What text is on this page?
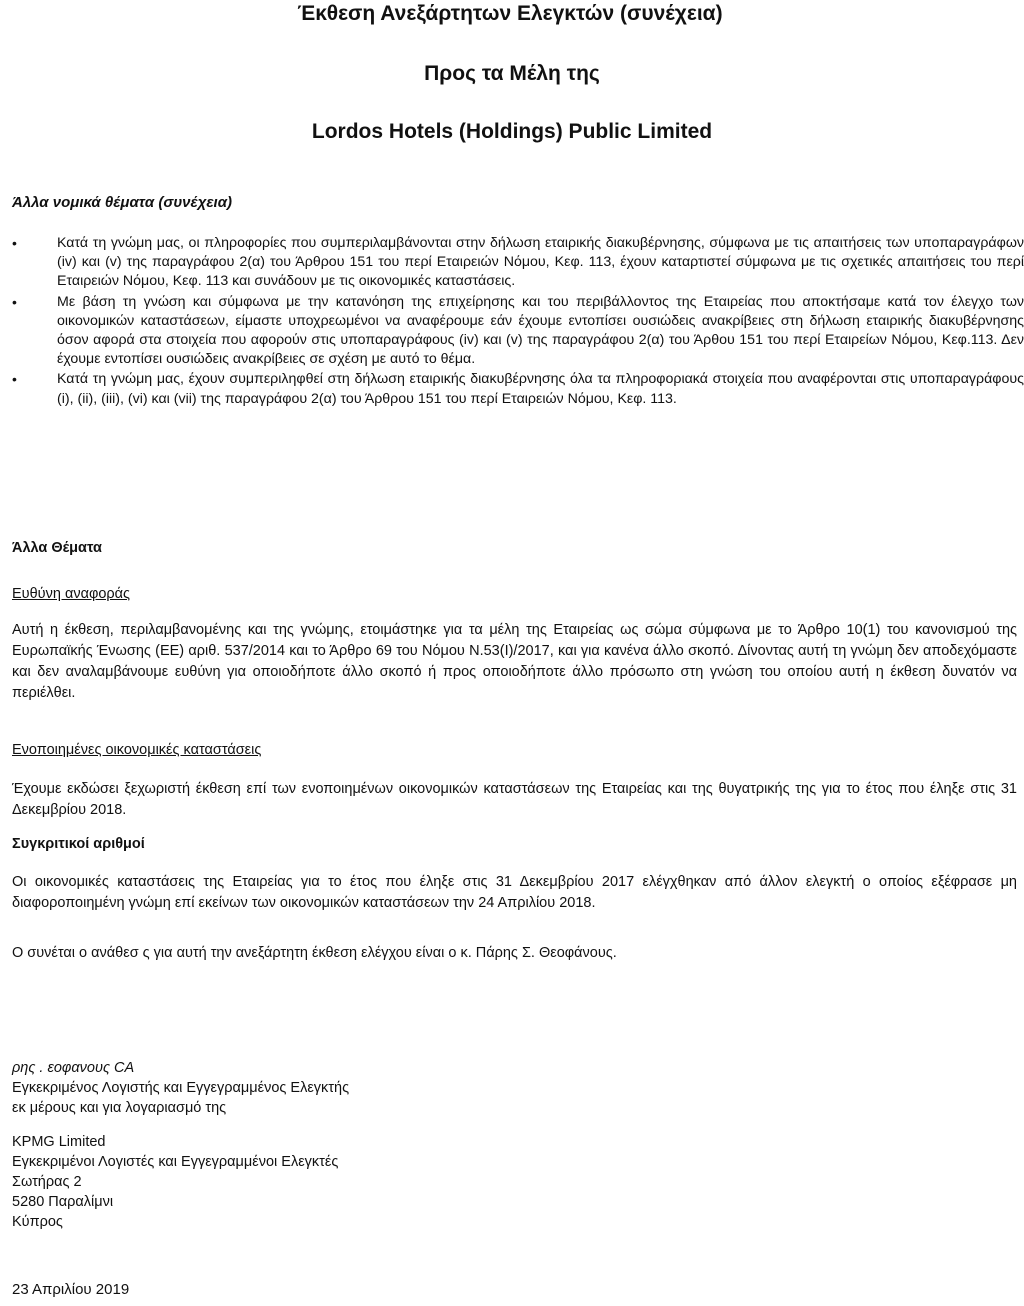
Έκθεση Ανεξάρτητων Ελεγκτών (συνέχεια)
Προς τα Μέλη της
Lordos Hotels (Holdings) Public Limited

Άλλα νομικά θέματα (συνέχεια)

•	Κατά τη γνώμη μας, οι πληροφορίες που συμπεριλαμβάνονται στην δήλωση εταιρικής διακυβέρνησης, σύμφωνα με τις απαιτήσεις των υποπαραγράφων (iv) και (v) της παραγράφου 2(α) του Άρθρου 151 του περί Εταιρειών Νόμου, Κεφ. 113, έχουν καταρτιστεί σύμφωνα με τις σχετικές απαιτήσεις του περί Εταιρειών Νόμου, Κεφ. 113 και συνάδουν με τις οικονομικές καταστάσεις.
•	Με βάση τη γνώση και σύμφωνα με την κατανόηση της επιχείρησης και του περιβάλλοντος της Εταιρείας που αποκτήσαμε κατά τον έλεγχο των οικονομικών καταστάσεων, είμαστε υποχρεωμένοι να αναφέρουμε εάν έχουμε εντοπίσει ουσιώδεις ανακρίβειες στη δήλωση εταιρικής διακυβέρνησης όσον αφορά στα στοιχεία που αφορούν στις υποπαραγράφους (iv) και (v) της παραγράφου 2(α) του Άρθου 151 του περί Εταιρείων Νόμου, Κεφ.113. Δεν έχουμε εντοπίσει ουσιώδεις ανακρίβειες σε σχέση με αυτό το θέμα.
•	Κατά τη γνώμη μας, έχουν συμπεριληφθεί στη δήλωση εταιρικής διακυβέρνησης όλα τα πληροφοριακά στοιχεία που αναφέρονται στις υποπαραγράφους (i), (ii), (iii), (vi) και (vii) της παραγράφου 2(α) του Άρθρου 151 του περί Εταιρειών Νόμου, Κεφ. 113.

Άλλα Θέματα

Ευθύνη αναφοράς

Αυτή η έκθεση, περιλαμβανομένης και της γνώμης, ετοιμάστηκε για τα μέλη της Εταιρείας ως σώμα σύμφωνα με το Άρθρο 10(1) του κανονισμού της Ευρωπαϊκής Ένωσης (ΕΕ) αριθ. 537/2014 και το Άρθρο 69 του Νόμου Ν.53(Ι)/2017, και για κανένα άλλο σκοπό. Δίνοντας αυτή τη γνώμη δεν αποδεχόμαστε και δεν αναλαμβάνουμε ευθύνη για οποιοδήποτε άλλο σκοπό ή προς οποιοδήποτε άλλο πρόσωπο στη γνώση του οποίου αυτή η έκθεση δυνατόν να περιέλθει.

Ενοποιημένες οικονομικές καταστάσεις

Έχουμε εκδώσει ξεχωριστή έκθεση επί των ενοποιημένων οικονομικών καταστάσεων της Εταιρείας και της θυγατρικής της για το έτος που έληξε στις 31 Δεκεμβρίου 2018.

Συγκριτικοί αριθμοί

Οι οικονομικές καταστάσεις της Εταιρείας για το έτος που έληξε στις 31 Δεκεμβρίου 2017 ελέγχθηκαν από άλλον ελεγκτή ο οποίος εξέφρασε μη διαφοροποιημένη γνώμη επί εκείνων των οικονομικών καταστάσεων την 24 Απριλίου 2018.

Ο συνέται ο ανάθεσ ς για αυτή την ανεξάρτητη έκθεση ελέγχου είναι ο κ. Πάρης Σ. Θεοφάνους.

ρης . εοφανους CA
Εγκεκριμένος Λογιστής και Εγγεγραμμένος Ελεγκτής
εκ μέρους και για λογαριασμό της
KPMG Limited
Εγκεκριμένοι Λογιστές και Εγγεγραμμένοι Ελεγκτές
Σωτήρας 2
5280 Παραλίμνι
Κύπρος

23 Απριλίου 2019
